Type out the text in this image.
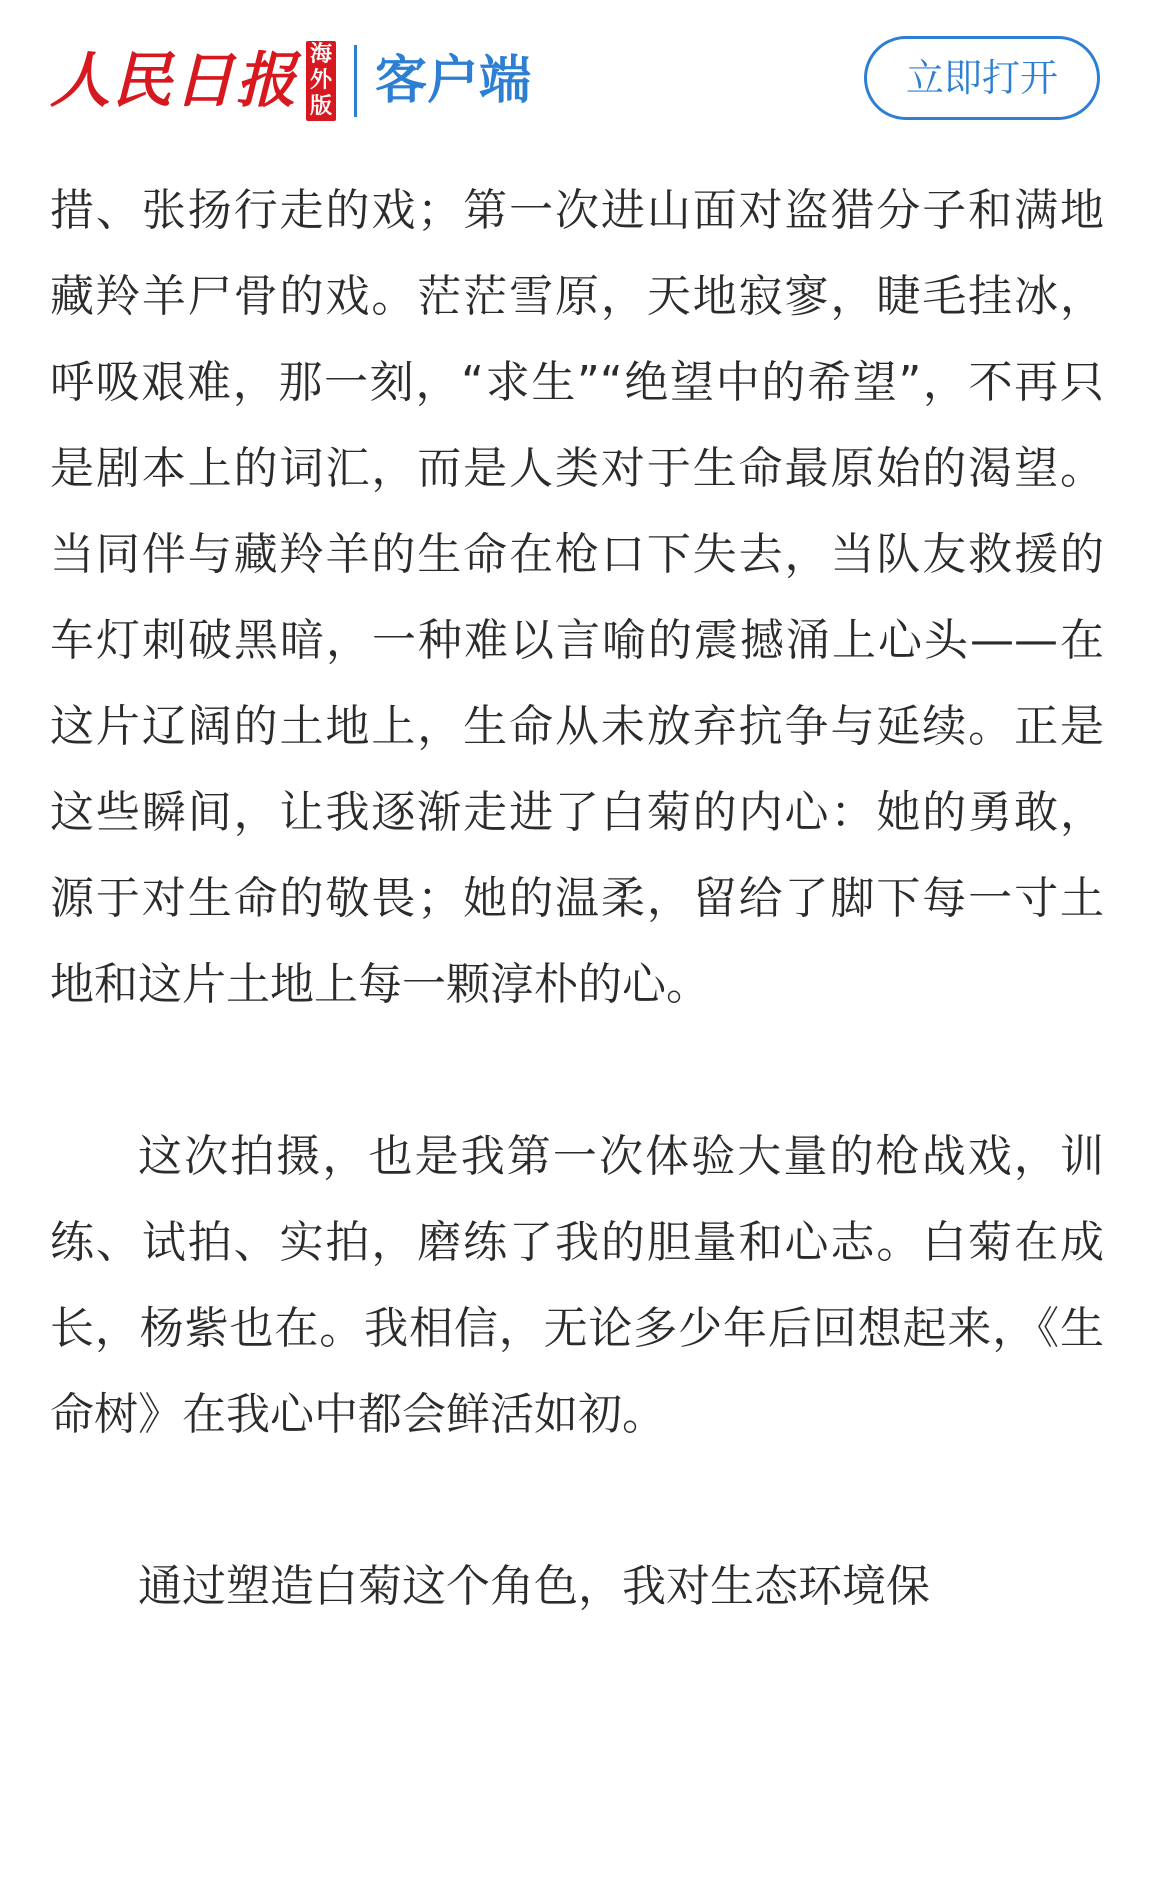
人民日报 海
外
版 客户端	立即打开

措、张扬行走的戏；第一次进山面对盗猎分子和满地藏羚羊尸骨的戏。茫茫雪原，天地寂寥，睫毛挂冰，呼吸艰难，那一刻，“求生”“绝望中的希望”，不再只是剧本上的词汇，而是人类对于生命最原始的渴望。当同伴与藏羚羊的生命在枪口下失去，当队友救援的车灯刺破黑暗，一种难以言喻的震撼涌上心头——在这片辽阔的土地上，生命从未放弃抗争与延续。正是这些瞬间，让我逐渐走进了白菊的内心：她的勇敢，源于对生命的敬畏；她的温柔，留给了脚下每一寸土地和这片土地上每一颗淳朴的心。

这次拍摄，也是我第一次体验大量的枪战戏，训练、试拍、实拍，磨练了我的胆量和心志。白菊在成长，杨紫也在。我相信，无论多少年后回想起来，《生命树》在我心中都会鲜活如初。

通过塑造白菊这个角色，我对生态环境保
